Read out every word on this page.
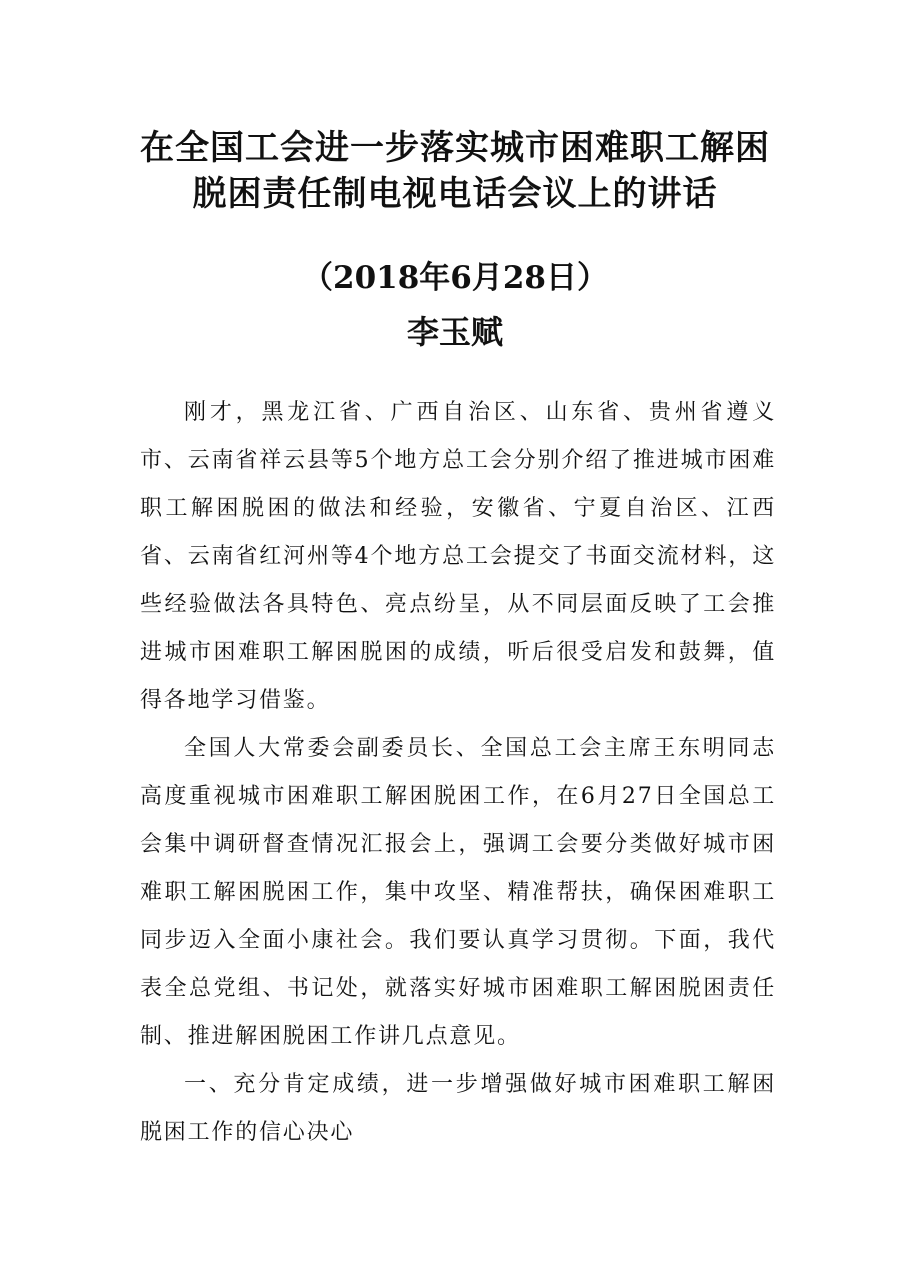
在全国工会进一步落实城市困难职工解困
脱困责任制电视电话会议上的讲话
（2018年6月28日）
李玉赋

刚才，黑龙江省、广西自治区、山东省、贵州省遵义市、云南省祥云县等5个地方总工会分别介绍了推进城市困难职工解困脱困的做法和经验，安徽省、宁夏自治区、江西省、云南省红河州等4个地方总工会提交了书面交流材料，这些经验做法各具特色、亮点纷呈，从不同层面反映了工会推进城市困难职工解困脱困的成绩，听后很受启发和鼓舞，值得各地学习借鉴。

全国人大常委会副委员长、全国总工会主席王东明同志高度重视城市困难职工解困脱困工作，在6月27日全国总工会集中调研督查情况汇报会上，强调工会要分类做好城市困难职工解困脱困工作，集中攻坚、精准帮扶，确保困难职工同步迈入全面小康社会。我们要认真学习贯彻。下面，我代表全总党组、书记处，就落实好城市困难职工解困脱困责任制、推进解困脱困工作讲几点意见。

一、充分肯定成绩，进一步增强做好城市困难职工解困脱困工作的信心决心
